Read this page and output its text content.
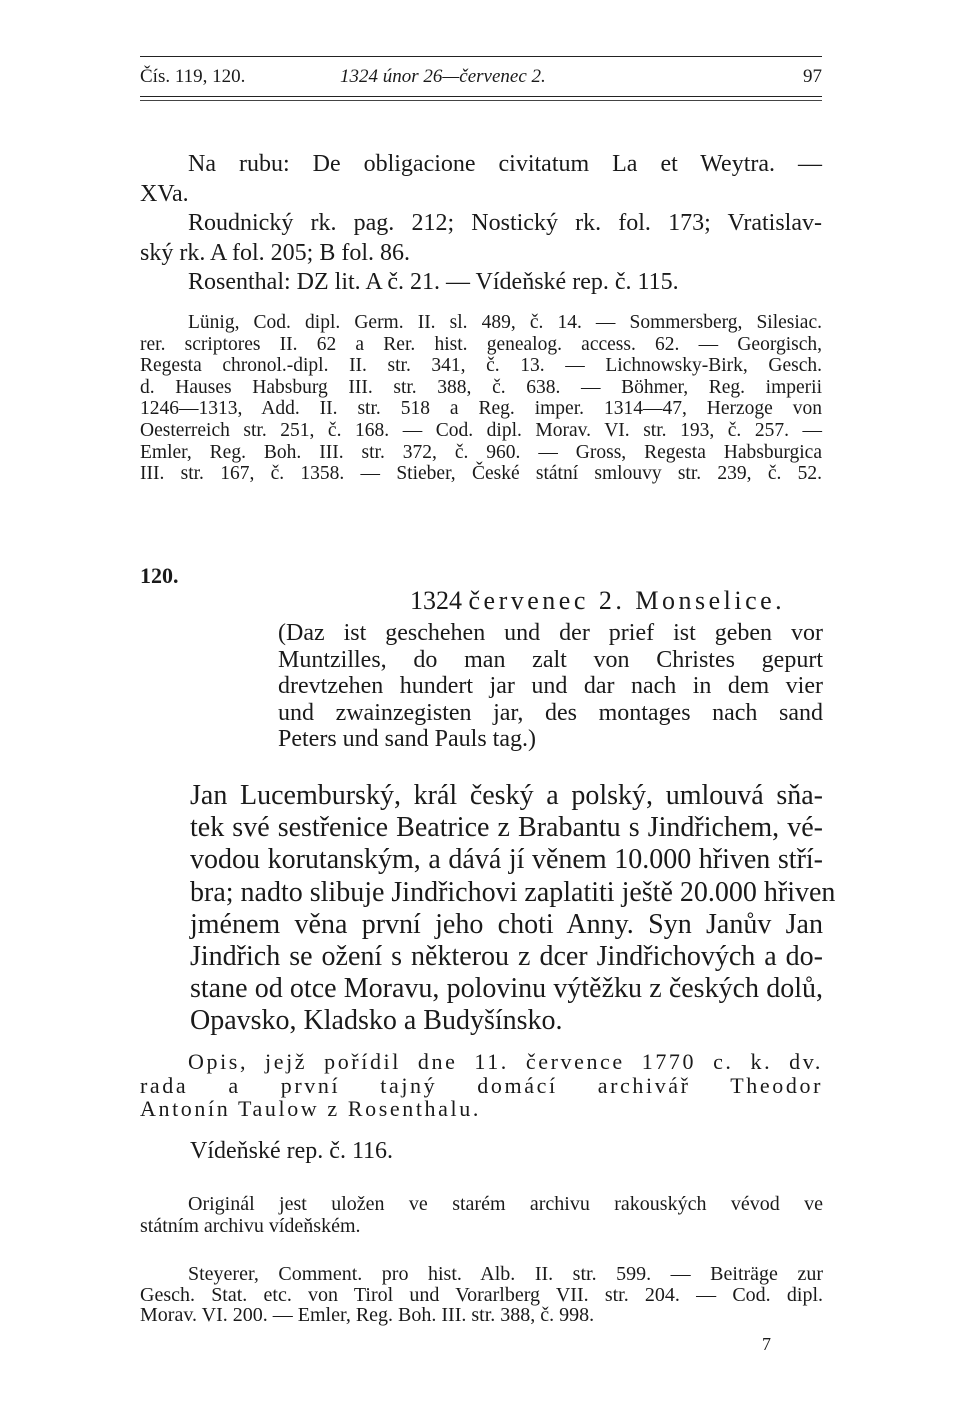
Čís. 119, 120.	1324 únor 26—červenec 2.	97
Na rubu: De obligacione civitatum La et Weytra. —
XVa.
Roudnický rk. pag. 212; Nostický rk. fol. 173; Vratislav-
ský rk. A fol. 205; B fol. 86.
Rosenthal: DZ lit. A č. 21. — Vídeňské rep. č. 115.
Lünig, Cod. dipl. Germ. II. sl. 489, č. 14. — Sommersberg, Silesiac.
rer. scriptores II. 62 a Rer. hist. genealog. access. 62. — Georgisch,
Regesta chronol.-dipl. II. str. 341, č. 13. — Lichnowsky-Birk, Gesch.
d. Hauses Habsburg III. str. 388, č. 638. — Böhmer, Reg. imperii
1246—1313, Add. II. str. 518 a Reg. imper. 1314—47, Herzoge von
Oesterreich str. 251, č. 168. — Cod. dipl. Morav. VI. str. 193, č. 257. —
Emler, Reg. Boh. III. str. 372, č. 960. — Gross, Regesta Habsburgica
III. str. 167, č. 1358. — Stieber, České státní smlouvy str. 239, č. 52.
120.
1324 červenec 2. Monselice.
(Daz ist geschehen und der prief ist geben vor
Muntzilles, do man zalt von Christes gepurt
drevtzehen hundert jar und dar nach in dem vier
und zwainzegisten jar, des montages nach sand
Peters und sand Pauls tag.)
Jan Lucemburský, král český a polský, umlouvá sňa-
tek své sestřenice Beatrice z Brabantu s Jindřichem, vé-
vodou korutanským, a dává jí věnem 10.000 hřiven stří-
bra; nadto slibuje Jindřichovi zaplatiti ještě 20.000 hřiven
jménem věna první jeho choti Anny. Syn Janův Jan
Jindřich se ožení s některou z dcer Jindřichových a do-
stane od otce Moravu, polovinu výtěžku z českých dolů,
Opavsko, Kladsko a Budyšínsko.
Opis, jejž pořídil dne 11. července 1770 c. k. dv.
rada a první tajný domácí archivář Theodor
Antonín Taulow z Rosenthalu.
Vídeňské rep. č. 116.
Originál jest uložen ve starém archivu rakouských vévod ve
státním archivu vídeňském.
Steyerer, Comment. pro hist. Alb. II. str. 599. — Beiträge zur
Gesch. Stat. etc. von Tirol und Vorarlberg VII. str. 204. — Cod. dipl.
Morav. VI. 200. — Emler, Reg. Boh. III. str. 388, č. 998.
7
